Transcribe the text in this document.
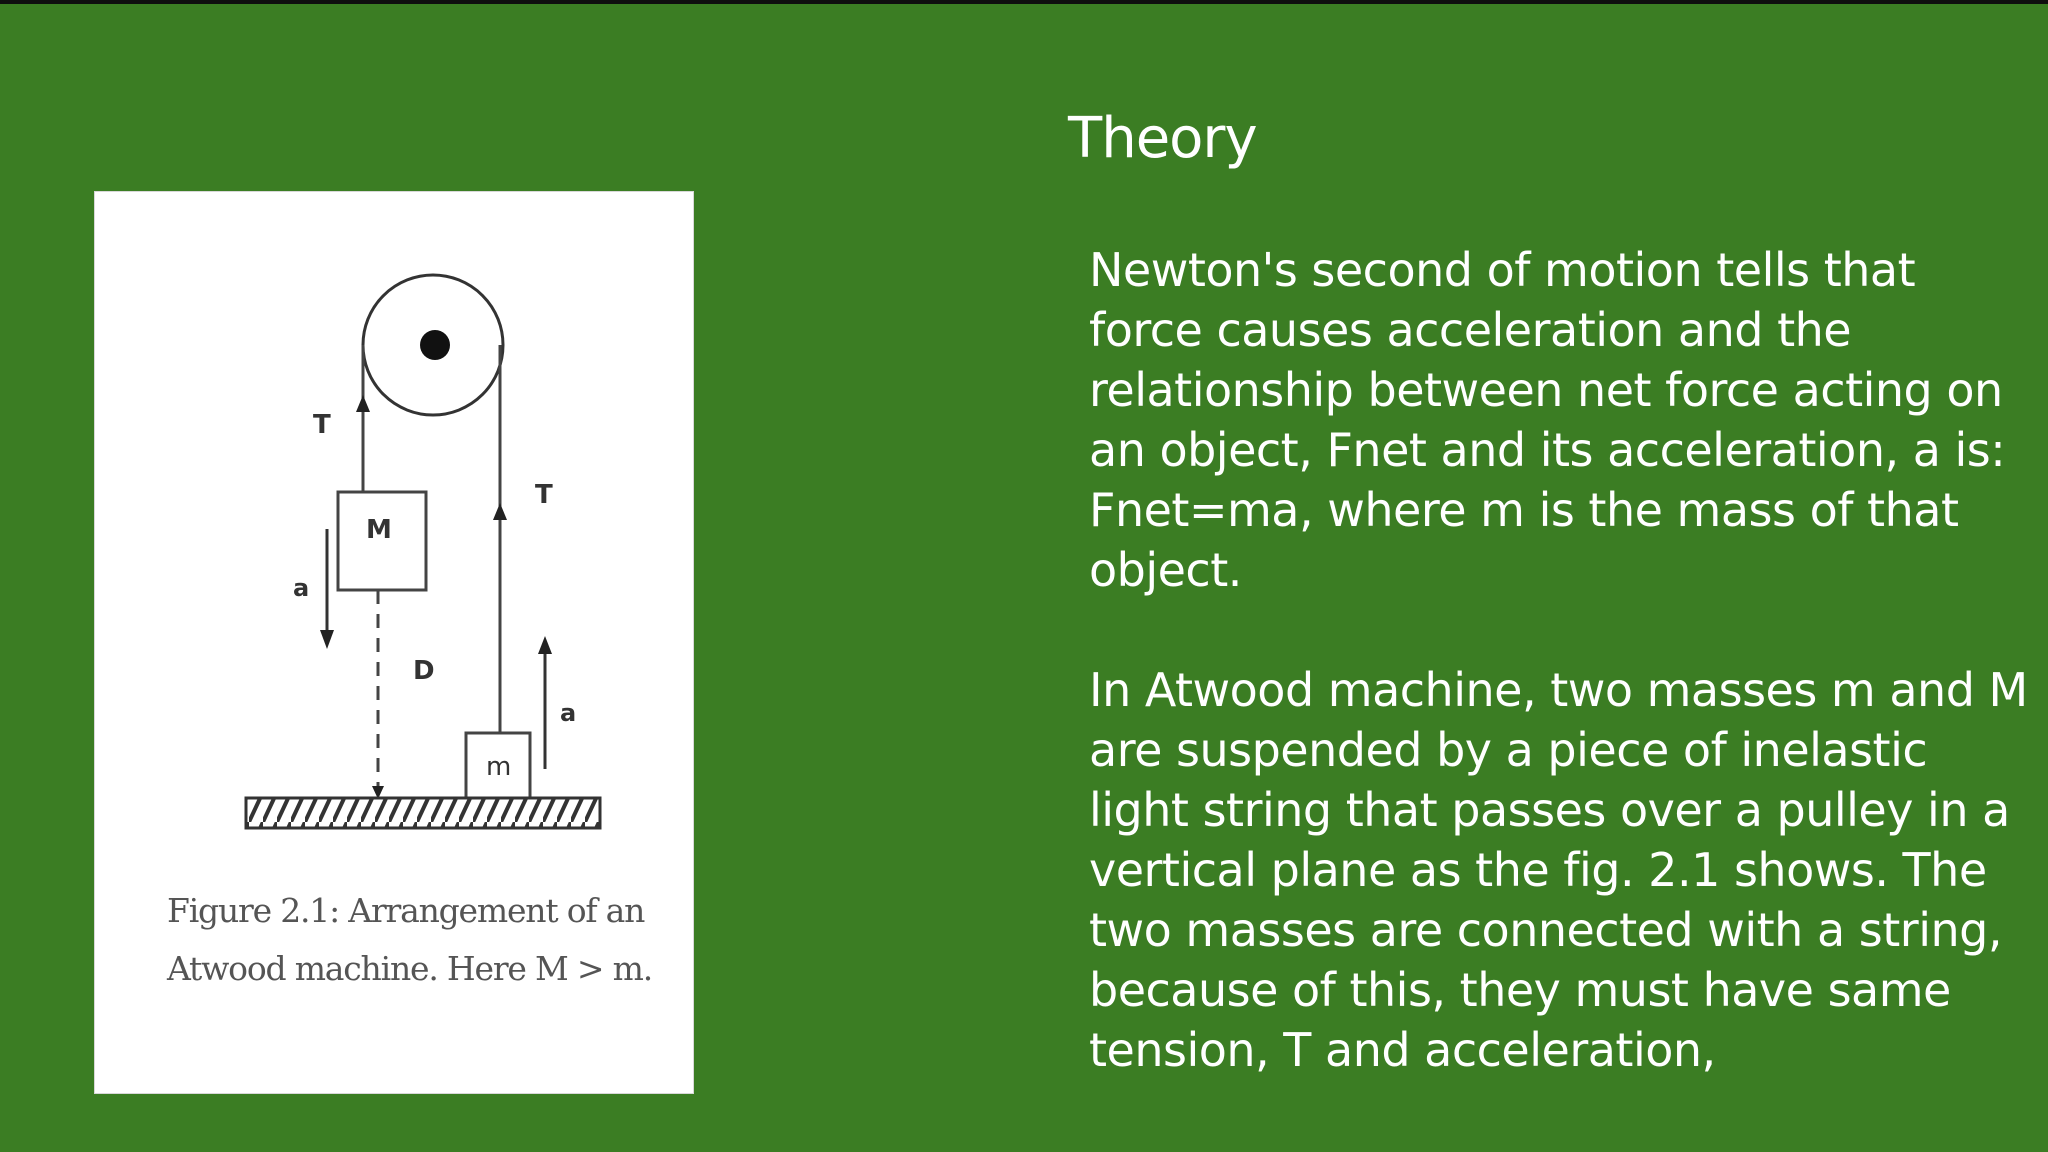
Theory

Newton's second of motion tells that force causes acceleration and the relationship between net force acting on an object, Fnet and its acceleration, a is: Fnet=ma, where m is the mass of that object.

In Atwood machine, two masses m and M are suspended by a piece of inelastic light string that passes over a pulley in a vertical plane as the fig. 2.1 shows. The two masses are connected with a string, because of this, they must have same tension, T and acceleration,

T
T
M
m
a
a
D
Figure 2.1: Arrangement of an
Atwood machine. Here M > m.
